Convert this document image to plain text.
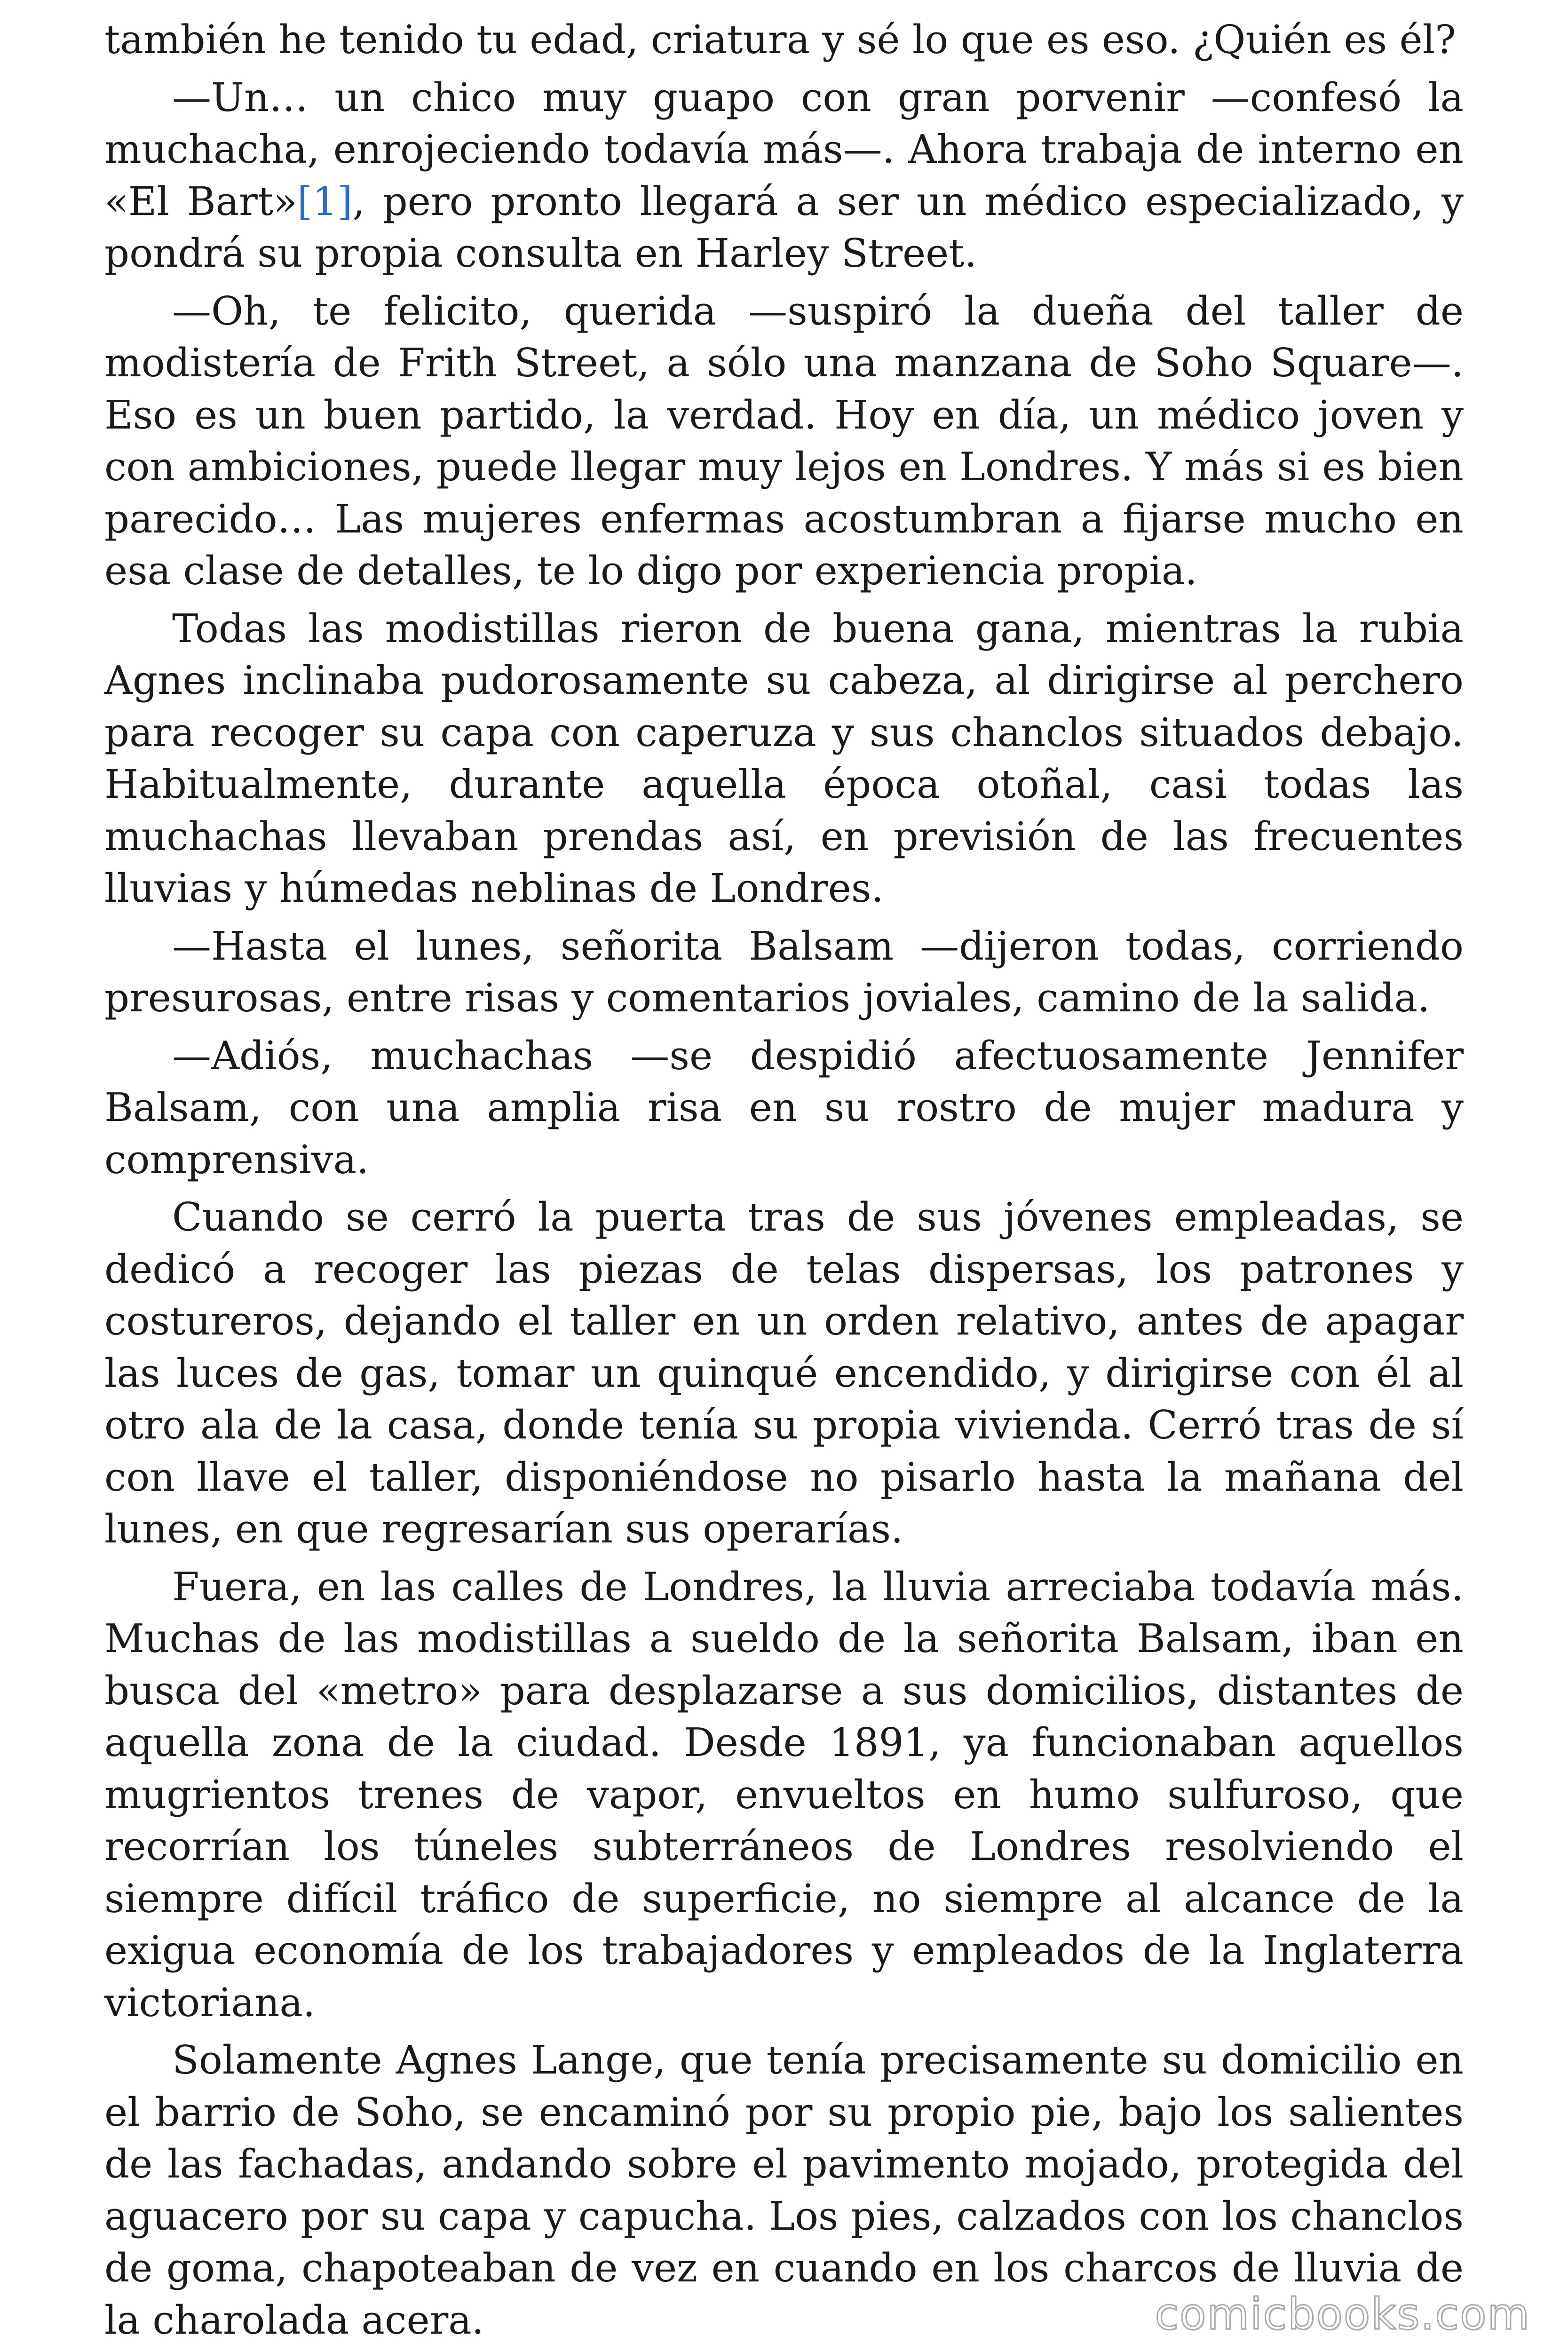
también he tenido tu edad, criatura y sé lo que es eso. ¿Quién es él?

—Un… un chico muy guapo con gran porvenir —confesó la muchacha, enrojeciendo todavía más—. Ahora trabaja de interno en «El Bart»[1], pero pronto llegará a ser un médico especializado, y pondrá su propia consulta en Harley Street.

—Oh, te felicito, querida —suspiró la dueña del taller de modistería de Frith Street, a sólo una manzana de Soho Square—. Eso es un buen partido, la verdad. Hoy en día, un médico joven y con ambiciones, puede llegar muy lejos en Londres. Y más si es bien parecido… Las mujeres enfermas acostumbran a fijarse mucho en esa clase de detalles, te lo digo por experiencia propia.

Todas las modistillas rieron de buena gana, mientras la rubia Agnes inclinaba pudorosamente su cabeza, al dirigirse al perchero para recoger su capa con caperuza y sus chanclos situados debajo. Habitualmente, durante aquella época otoñal, casi todas las muchachas llevaban prendas así, en previsión de las frecuentes lluvias y húmedas neblinas de Londres.

—Hasta el lunes, señorita Balsam —dijeron todas, corriendo presurosas, entre risas y comentarios joviales, camino de la salida.

—Adiós, muchachas —se despidió afectuosamente Jennifer Balsam, con una amplia risa en su rostro de mujer madura y comprensiva.

Cuando se cerró la puerta tras de sus jóvenes empleadas, se dedicó a recoger las piezas de telas dispersas, los patrones y costureros, dejando el taller en un orden relativo, antes de apagar las luces de gas, tomar un quinqué encendido, y dirigirse con él al otro ala de la casa, donde tenía su propia vivienda. Cerró tras de sí con llave el taller, disponiéndose no pisarlo hasta la mañana del lunes, en que regresarían sus operarías.

Fuera, en las calles de Londres, la lluvia arreciaba todavía más. Muchas de las modistillas a sueldo de la señorita Balsam, iban en busca del «metro» para desplazarse a sus domicilios, distantes de aquella zona de la ciudad. Desde 1891, ya funcionaban aquellos mugrientos trenes de vapor, envueltos en humo sulfuroso, que recorrían los túneles subterráneos de Londres resolviendo el siempre difícil tráfico de superficie, no siempre al alcance de la exigua economía de los trabajadores y empleados de la Inglaterra victoriana.

Solamente Agnes Lange, que tenía precisamente su domicilio en el barrio de Soho, se encaminó por su propio pie, bajo los salientes de las fachadas, andando sobre el pavimento mojado, protegida del aguacero por su capa y capucha. Los pies, calzados con los chanclos de goma, chapoteaban de vez en cuando en los charcos de lluvia de la charolada acera.	comicbooks.com
